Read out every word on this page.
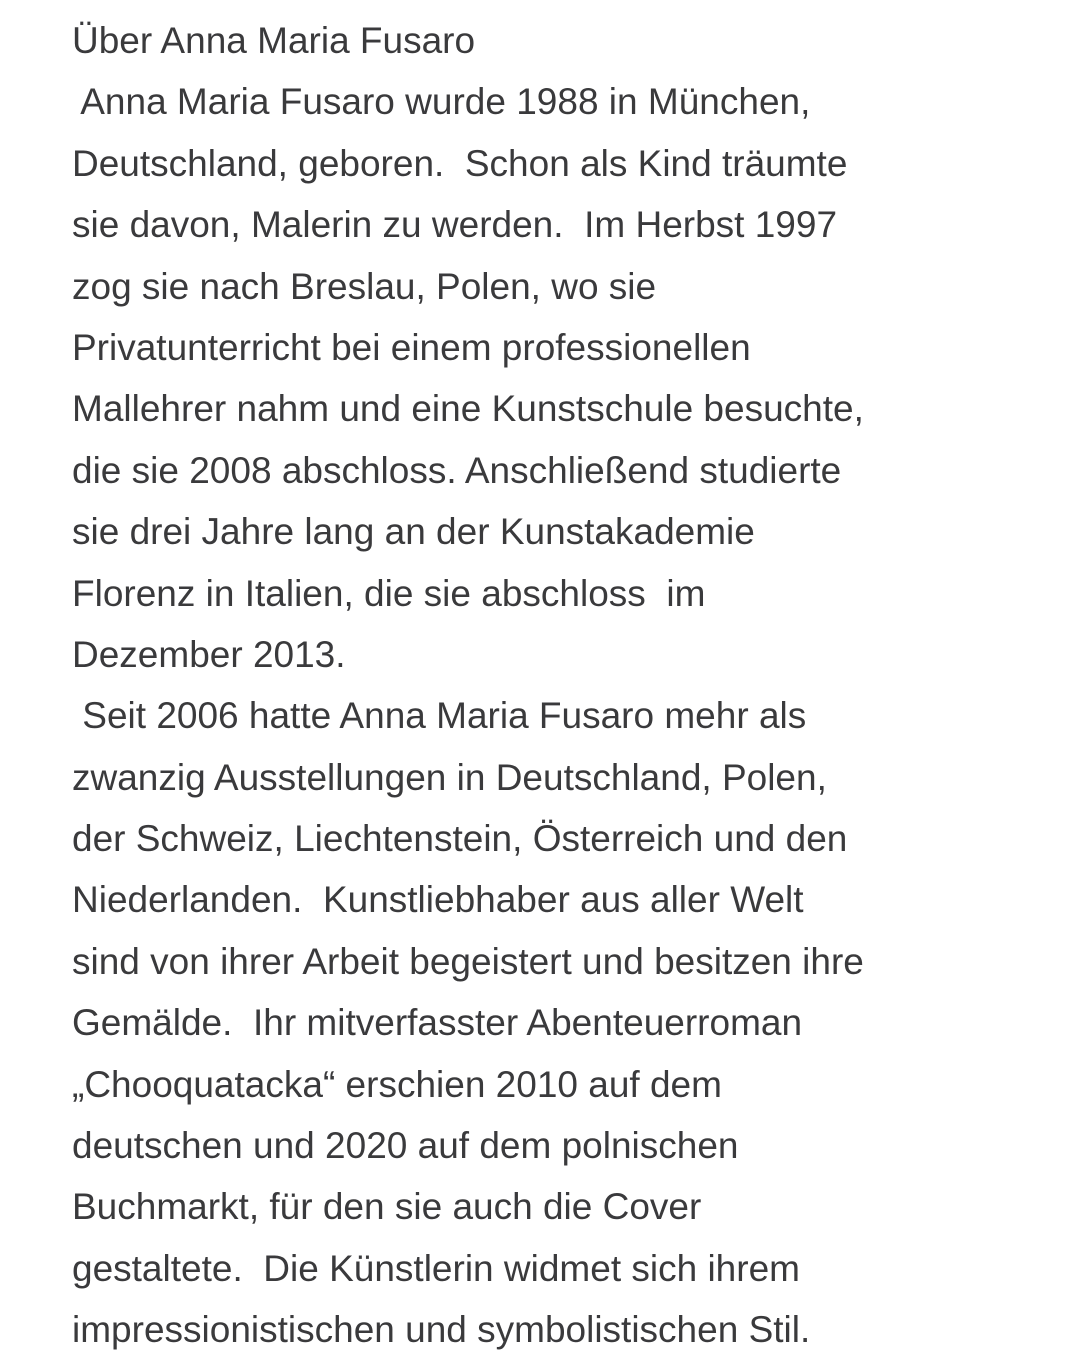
Über Anna Maria Fusaro
Anna Maria Fusaro wurde 1988 in München,
Deutschland, geboren.  Schon als Kind träumte
sie davon, Malerin zu werden.  Im Herbst 1997
zog sie nach Breslau, Polen, wo sie
Privatunterricht bei einem professionellen
Mallehrer nahm und eine Kunstschule besuchte,
die sie 2008 abschloss. Anschließend studierte
sie drei Jahre lang an der Kunstakademie
Florenz in Italien, die sie abschloss  im
Dezember 2013.
Seit 2006 hatte Anna Maria Fusaro mehr als
zwanzig Ausstellungen in Deutschland, Polen,
der Schweiz, Liechtenstein, Österreich und den
Niederlanden.  Kunstliebhaber aus aller Welt
sind von ihrer Arbeit begeistert und besitzen ihre
Gemälde.  Ihr mitverfasster Abenteuerroman
„Chooquatacka“ erschien 2010 auf dem
deutschen und 2020 auf dem polnischen
Buchmarkt, für den sie auch die Cover
gestaltete.  Die Künstlerin widmet sich ihrem
impressionistischen und symbolistischen Stil.
